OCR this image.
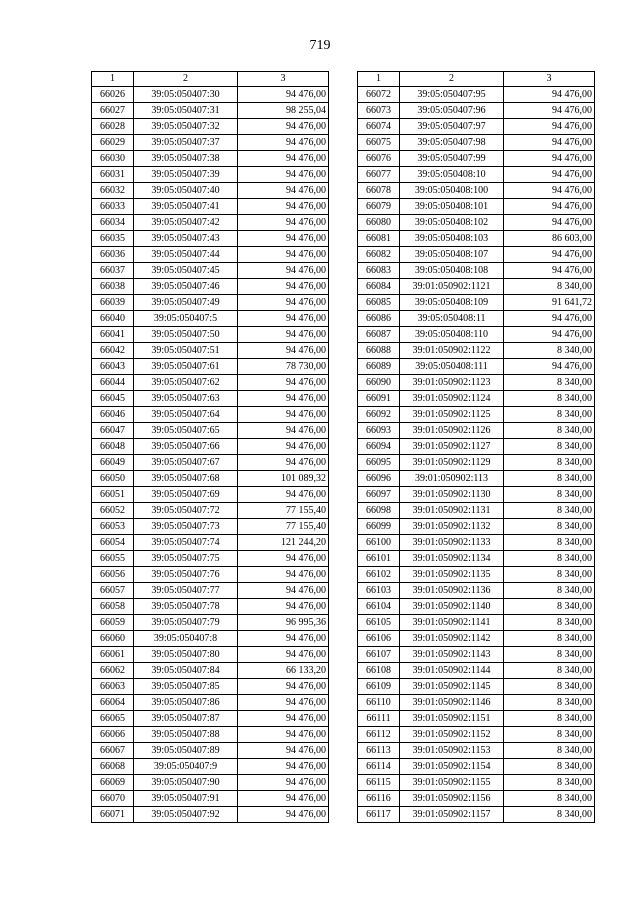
719
1	2	3
66026	39:05:050407:30	94 476,00
66027	39:05:050407:31	98 255,04
66028	39:05:050407:32	94 476,00
66029	39:05:050407:37	94 476,00
66030	39:05:050407:38	94 476,00
66031	39:05:050407:39	94 476,00
66032	39:05:050407:40	94 476,00
66033	39:05:050407:41	94 476,00
66034	39:05:050407:42	94 476,00
66035	39:05:050407:43	94 476,00
66036	39:05:050407:44	94 476,00
66037	39:05:050407:45	94 476,00
66038	39:05:050407:46	94 476,00
66039	39:05:050407:49	94 476,00
66040	39:05:050407:5	94 476,00
66041	39:05:050407:50	94 476,00
66042	39:05:050407:51	94 476,00
66043	39:05:050407:61	78 730,00
66044	39:05:050407:62	94 476,00
66045	39:05:050407:63	94 476,00
66046	39:05:050407:64	94 476,00
66047	39:05:050407:65	94 476,00
66048	39:05:050407:66	94 476,00
66049	39:05:050407:67	94 476,00
66050	39:05:050407:68	101 089,32
66051	39:05:050407:69	94 476,00
66052	39:05:050407:72	77 155,40
66053	39:05:050407:73	77 155,40
66054	39:05:050407:74	121 244,20
66055	39:05:050407:75	94 476,00
66056	39:05:050407:76	94 476,00
66057	39:05:050407:77	94 476,00
66058	39:05:050407:78	94 476,00
66059	39:05:050407:79	96 995,36
66060	39:05:050407:8	94 476,00
66061	39:05:050407:80	94 476,00
66062	39:05:050407:84	66 133,20
66063	39:05:050407:85	94 476,00
66064	39:05:050407:86	94 476,00
66065	39:05:050407:87	94 476,00
66066	39:05:050407:88	94 476,00
66067	39:05:050407:89	94 476,00
66068	39:05:050407:9	94 476,00
66069	39:05:050407:90	94 476,00
66070	39:05:050407:91	94 476,00
66071	39:05:050407:92	94 476,00
1	2	3
66072	39:05:050407:95	94 476,00
66073	39:05:050407:96	94 476,00
66074	39:05:050407:97	94 476,00
66075	39:05:050407:98	94 476,00
66076	39:05:050407:99	94 476,00
66077	39:05:050408:10	94 476,00
66078	39:05:050408:100	94 476,00
66079	39:05:050408:101	94 476,00
66080	39:05:050408:102	94 476,00
66081	39:05:050408:103	86 603,00
66082	39:05:050408:107	94 476,00
66083	39:05:050408:108	94 476,00
66084	39:01:050902:1121	8 340,00
66085	39:05:050408:109	91 641,72
66086	39:05:050408:11	94 476,00
66087	39:05:050408:110	94 476,00
66088	39:01:050902:1122	8 340,00
66089	39:05:050408:111	94 476,00
66090	39:01:050902:1123	8 340,00
66091	39:01:050902:1124	8 340,00
66092	39:01:050902:1125	8 340,00
66093	39:01:050902:1126	8 340,00
66094	39:01:050902:1127	8 340,00
66095	39:01:050902:1129	8 340,00
66096	39:01:050902:113	8 340,00
66097	39:01:050902:1130	8 340,00
66098	39:01:050902:1131	8 340,00
66099	39:01:050902:1132	8 340,00
66100	39:01:050902:1133	8 340,00
66101	39:01:050902:1134	8 340,00
66102	39:01:050902:1135	8 340,00
66103	39:01:050902:1136	8 340,00
66104	39:01:050902:1140	8 340,00
66105	39:01:050902:1141	8 340,00
66106	39:01:050902:1142	8 340,00
66107	39:01:050902:1143	8 340,00
66108	39:01:050902:1144	8 340,00
66109	39:01:050902:1145	8 340,00
66110	39:01:050902:1146	8 340,00
66111	39:01:050902:1151	8 340,00
66112	39:01:050902:1152	8 340,00
66113	39:01:050902:1153	8 340,00
66114	39:01:050902:1154	8 340,00
66115	39:01:050902:1155	8 340,00
66116	39:01:050902:1156	8 340,00
66117	39:01:050902:1157	8 340,00
